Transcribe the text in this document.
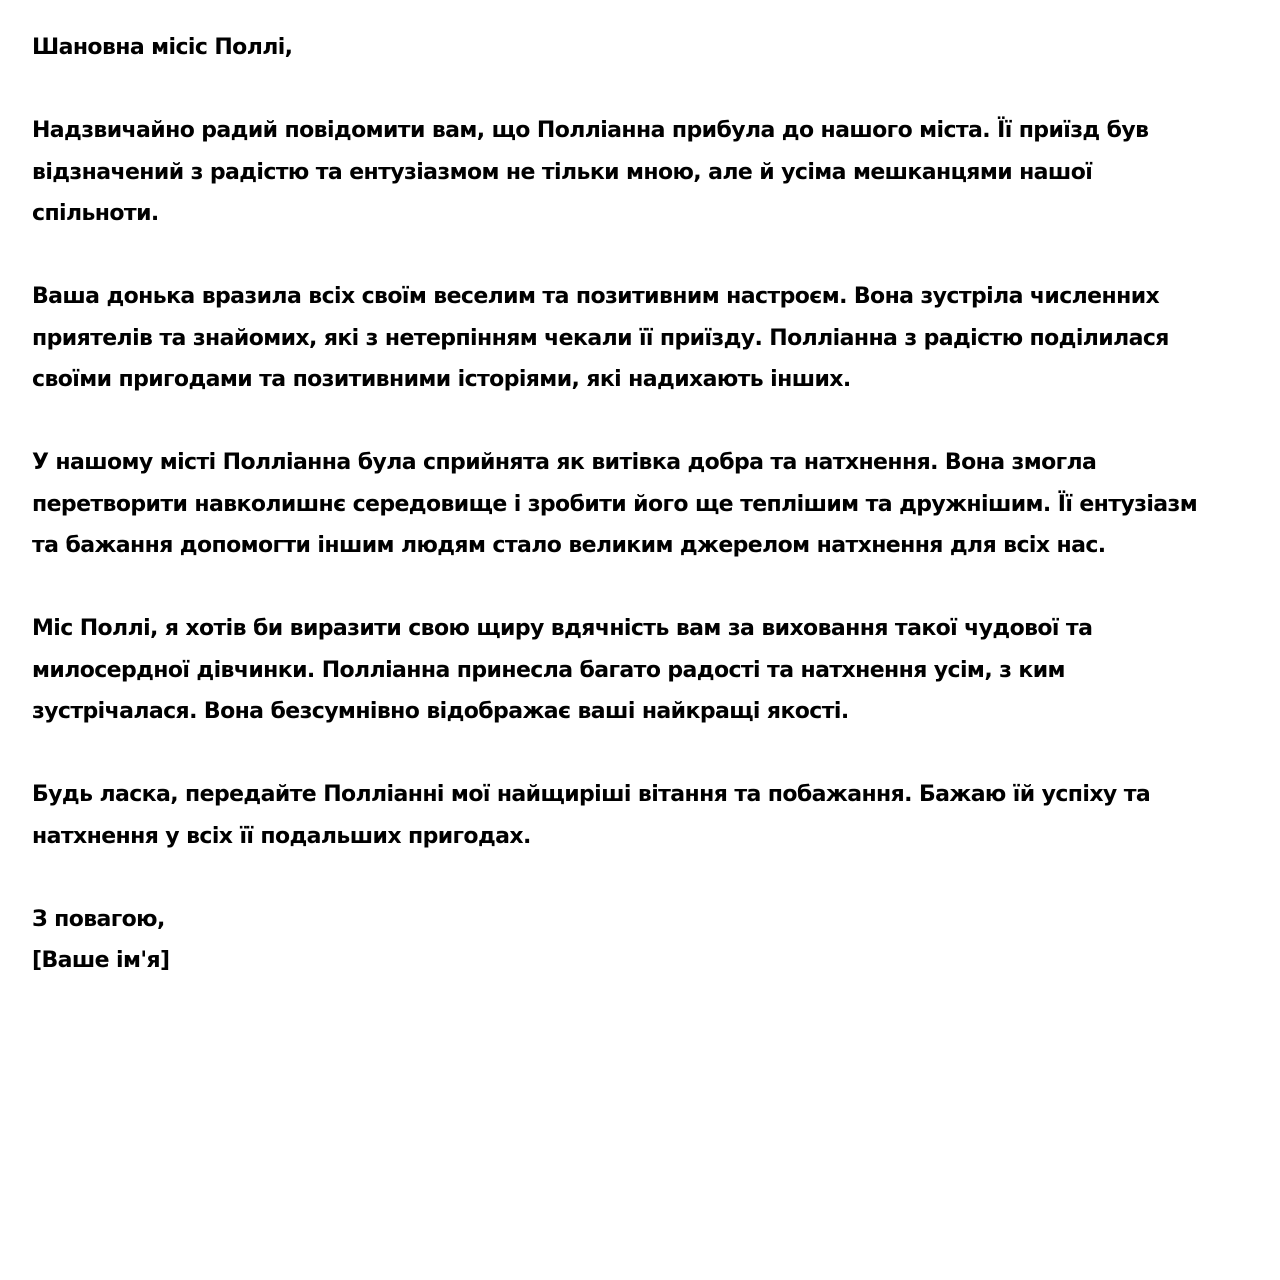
Шановна місіс Поллі,

Надзвичайно радий повідомити вам, що Полліанна прибула до нашого міста. Її приїзд був відзначений з радістю та ентузіазмом не тільки мною, але й усіма мешканцями нашої спільноти.

Ваша донька вразила всіх своїм веселим та позитивним настроєм. Вона зустріла численних приятелів та знайомих, які з нетерпінням чекали її приїзду. Полліанна з радістю поділилася своїми пригодами та позитивними історіями, які надихають інших.

У нашому місті Полліанна була сприйнята як витівка добра та натхнення. Вона змогла перетворити навколишнє середовище і зробити його ще теплішим та дружнішим. Її ентузіазм та бажання допомогти іншим людям стало великим джерелом натхнення для всіх нас.

Міс Поллі, я хотів би виразити свою щиру вдячність вам за виховання такої чудової та милосердної дівчинки. Полліанна принесла багато радості та натхнення усім, з ким зустрічалася. Вона безсумнівно відображає ваші найкращі якості.

Будь ласка, передайте Полліанні мої найщиріші вітання та побажання. Бажаю їй успіху та натхнення у всіх її подальших пригодах.

З повагою,
[Ваше ім'я]
